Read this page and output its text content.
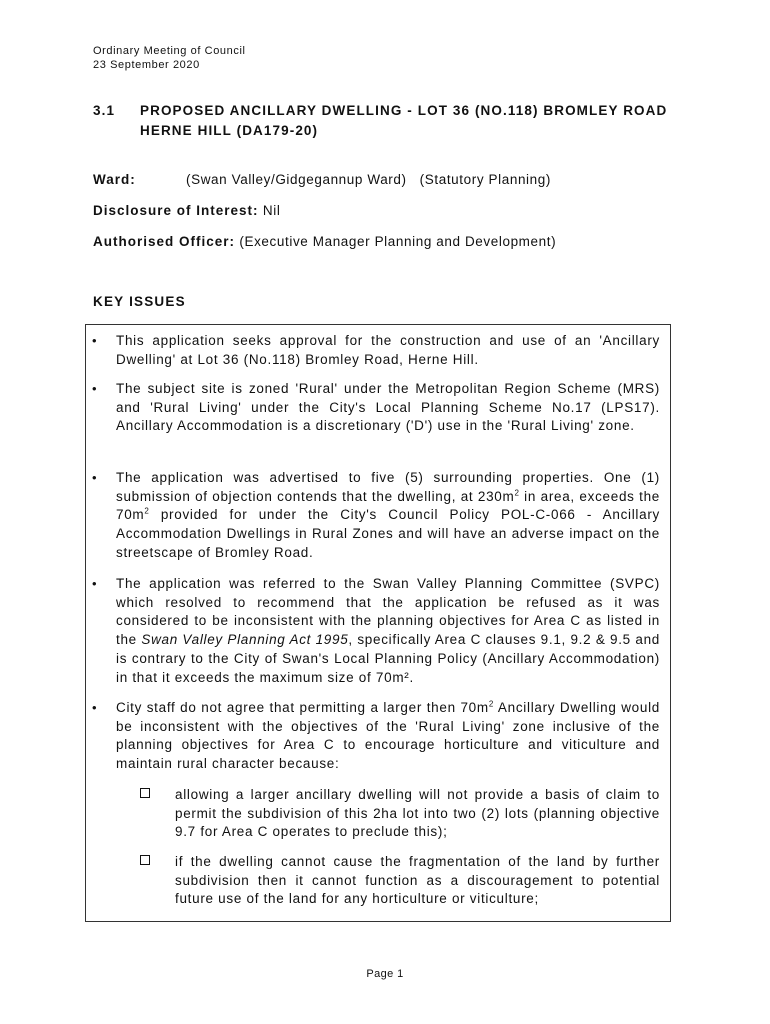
Ordinary Meeting of Council
23 September 2020
3.1 PROPOSED ANCILLARY DWELLING - LOT 36 (NO.118) BROMLEY ROAD HERNE HILL (DA179-20)
Ward:	(Swan Valley/Gidgegannup Ward)   (Statutory Planning)
Disclosure of Interest: Nil
Authorised Officer: (Executive Manager Planning and Development)
KEY ISSUES
• This application seeks approval for the construction and use of an 'Ancillary Dwelling' at Lot 36 (No.118) Bromley Road, Herne Hill.
• The subject site is zoned 'Rural' under the Metropolitan Region Scheme (MRS) and 'Rural Living' under the City's Local Planning Scheme No.17 (LPS17). Ancillary Accommodation is a discretionary ('D') use in the 'Rural Living' zone.
• The application was advertised to five (5) surrounding properties. One (1) submission of objection contends that the dwelling, at $230m^2$ in area, exceeds the $70m^2$ provided for under the City's Council Policy POL-C-066 - Ancillary Accommodation Dwellings in Rural Zones and will have an adverse impact on the streetscape of Bromley Road.
• The application was referred to the Swan Valley Planning Committee (SVPC) which resolved to recommend that the application be refused as it was considered to be inconsistent with the planning objectives for Area C as listed in the Swan Valley Planning Act 1995, specifically Area C clauses 9.1, 9.2 & 9.5 and is contrary to the City of Swan's Local Planning Policy (Ancillary Accommodation) in that it exceeds the maximum size of 70m².
• City staff do not agree that permitting a larger then $70m^2$ Ancillary Dwelling would be inconsistent with the objectives of the 'Rural Living' zone inclusive of the planning objectives for Area C to encourage horticulture and viticulture and maintain rural character because:
allowing a larger ancillary dwelling will not provide a basis of claim to permit the subdivision of this 2ha lot into two (2) lots (planning objective 9.7 for Area C operates to preclude this);
if the dwelling cannot cause the fragmentation of the land by further subdivision then it cannot function as a discouragement to potential future use of the land for any horticulture or viticulture;
Page 1
